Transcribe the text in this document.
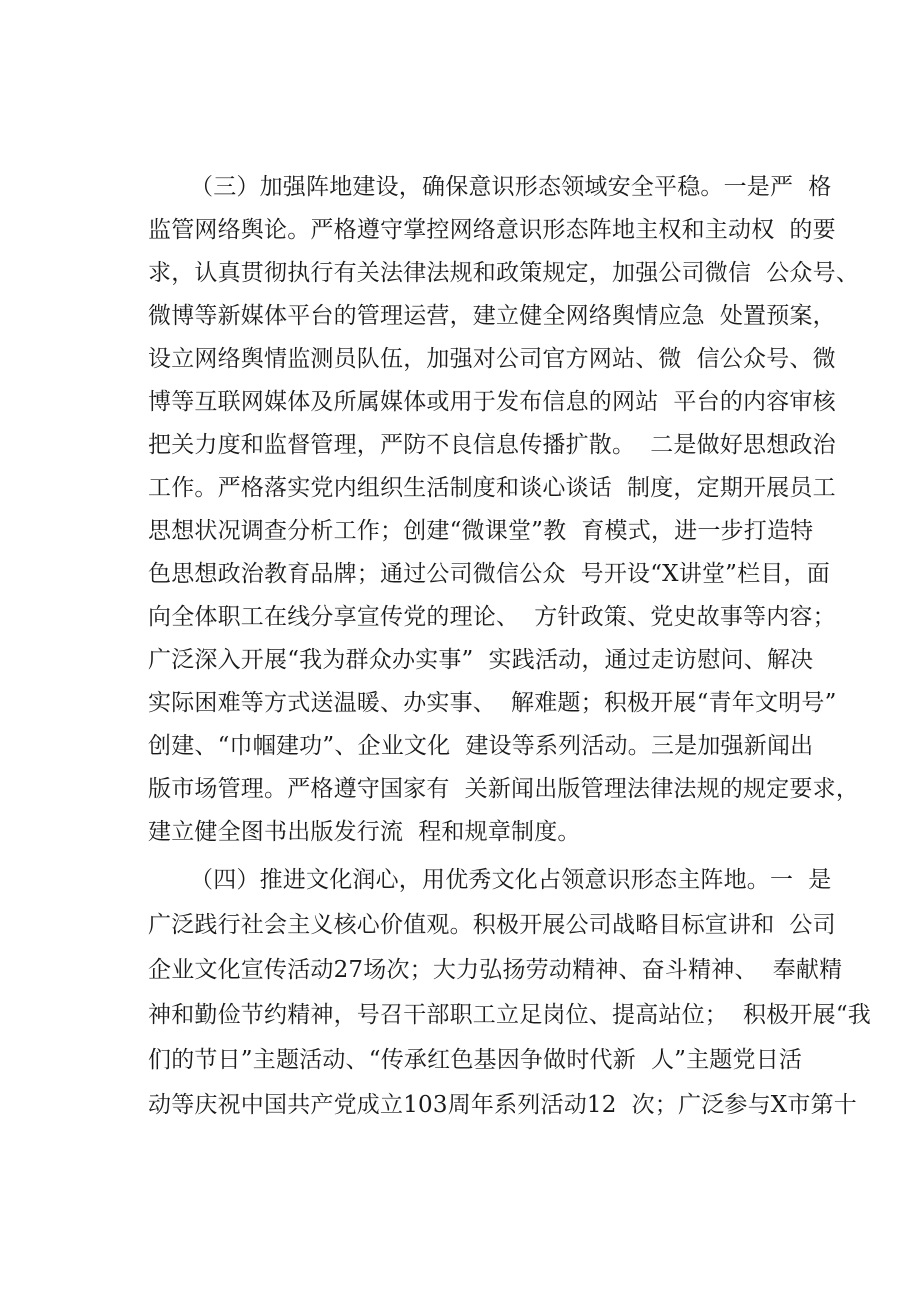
（三）加强阵地建设，确保意识形态领域安全平稳。一是严  格
监管网络舆论。严格遵守掌控网络意识形态阵地主权和主动权  的要
求，认真贯彻执行有关法律法规和政策规定，加强公司微信  公众号、
微博等新媒体平台的管理运营，建立健全网络舆情应急  处置预案，
设立网络舆情监测员队伍，加强对公司官方网站、微  信公众号、微
博等互联网媒体及所属媒体或用于发布信息的网站  平台的内容审核
把关力度和监督管理，严防不良信息传播扩散。  二是做好思想政治
工作。严格落实党内组织生活制度和谈心谈话  制度，定期开展员工
思想状况调查分析工作；创建“微课堂”教  育模式，进一步打造特
色思想政治教育品牌；通过公司微信公众  号开设“X讲堂”栏目，面
向全体职工在线分享宣传党的理论、  方针政策、党史故事等内容；
广泛深入开展“我为群众办实事”  实践活动，通过走访慰问、解决
实际困难等方式送温暖、办实事、  解难题；积极开展“青年文明号”
创建、“巾帼建功”、企业文化  建设等系列活动。三是加强新闻出
版市场管理。严格遵守国家有  关新闻出版管理法律法规的规定要求，
建立健全图书出版发行流  程和规章制度。
（四）推进文化润心，用优秀文化占领意识形态主阵地。一  是
广泛践行社会主义核心价值观。积极开展公司战略目标宣讲和  公司
企业文化宣传活动27场次；大力弘扬劳动精神、奋斗精神、  奉献精
神和勤俭节约精神，号召干部职工立足岗位、提高站位；  积极开展“我
们的节日”主题活动、“传承红色基因争做时代新  人”主题党日活
动等庆祝中国共产党成立103周年系列活动12  次；广泛参与X市第十
